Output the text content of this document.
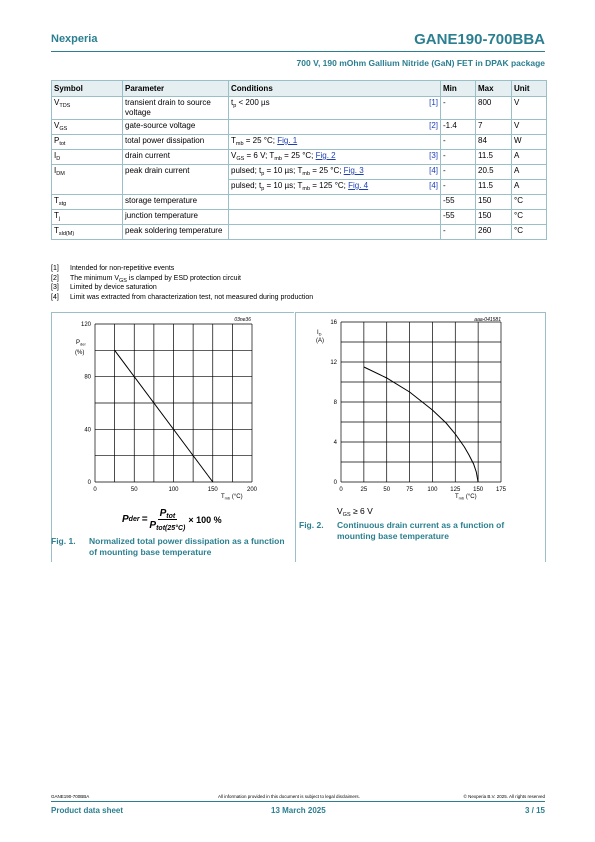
Nexperia	GANE190-700BBA
700 V, 190 mOhm Gallium Nitride (GaN) FET in DPAK package
Symbol	Parameter	Conditions		Min	Max	Unit
$V_{TDS}$	transient drain to source voltage	$t_p < 200$ µs	[1]	-	800	V
$V_{GS}$	gate-source voltage		[2]	-1.4	7	V
$P_{tot}$	total power dissipation	$T_{mb} = 25$ °C; Fig. 1		-	84	W
$I_D$	drain current	$V_{GS} = 6$ V; $T_{mb} = 25$ °C; Fig. 2	[3]	-	11.5	A
$I_{DM}$	peak drain current	pulsed; $t_p = 10$ µs; $T_{mb} = 25$ °C; Fig. 3	[4]	-	20.5	A
		pulsed; $t_p = 10$ µs; $T_{mb} = 125$ °C; Fig. 4	[4]	-	11.5	A
$T_{stg}$	storage temperature			-55	150	°C
$T_j$	junction temperature			-55	150	°C
$T_{sld(M)}$	peak soldering temperature			-	260	°C
[1]	Intended for non-repetitive events
[2]	The minimum $V_{GS}$ is clamped by ESD protection circuit
[3]	Limited by device saturation
[4]	Limit was extracted from characterization test, not measured during production
03ne36
0	50	100	150	200
0
40
80
120
$P_{der}$
(%)
$T_{mb}$ (°C)
P der =
$P_{tot}$
$P_{tot(25^\circ C)}$
× 100 %
Fig. 1.	Normalized total power dissipation as a function of mounting base temperature
aaa-041581
0	25	50	75 100 125 150 175
0
4
8
12
16
$I_D$
(A)
$T_{mb}$ (°C)
$V_{GS} \ge 6$ V
Fig. 2.	Continuous drain current as a function of mounting base temperature
GANE190-700BBA	All information provided in this document is subject to legal disclaimers.	© Nexperia B.V. 2025. All rights reserved
Product data sheet	13 March 2025	3 / 15
